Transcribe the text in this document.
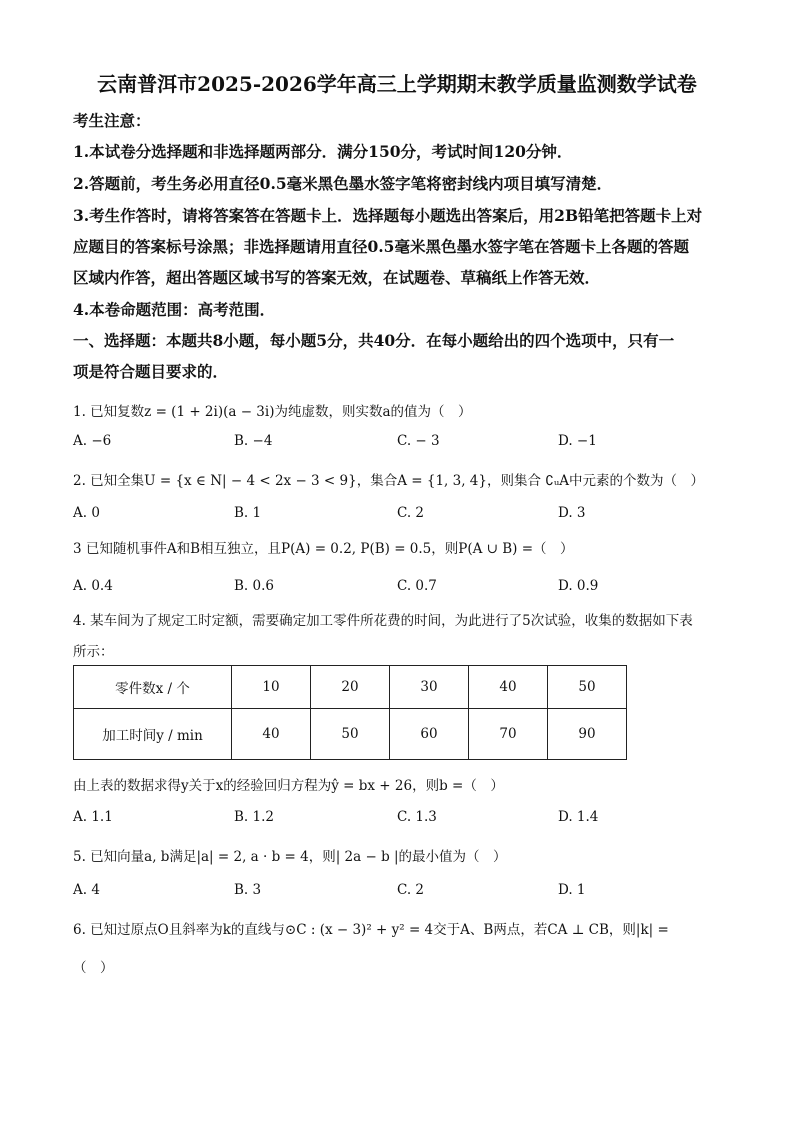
云南普洱市2025-2026学年高三上学期期末教学质量监测数学试卷
考生注意：
1.本试卷分选择题和非选择题两部分．满分150分，考试时间120分钟．
2.答题前，考生务必用直径0.5毫米黑色墨水签字笔将密封线内项目填写清楚．
3.考生作答时，请将答案答在答题卡上．选择题每小题选出答案后，用2B铅笔把答题卡上对
应题目的答案标号涂黑；非选择题请用直径0.5毫米黑色墨水签字笔在答题卡上各题的答题
区域内作答，超出答题区域书写的答案无效，在试题卷、草稿纸上作答无效．
4.本卷命题范围：高考范围．
一、选择题：本题共8小题，每小题5分，共40分．在每小题给出的四个选项中，只有一
项是符合题目要求的．
1. 已知复数z = (1 + 2i)(a − 3i)为纯虚数，则实数a的值为（　）
A. −6	B. −4	C. − 3	D. −1
2. 已知全集U = {x ∈ N| − 4 < 2x − 3 < 9}，集合A = {1, 3, 4}，则集合 ∁ᵤA中元素的个数为（　）
A. 0	B. 1	C. 2	D. 3
3 已知随机事件A和B相互独立，且P(A) = 0.2, P(B) = 0.5，则P(A ∪ B) =（　）
A. 0.4	B. 0.6	C. 0.7	D. 0.9
4. 某车间为了规定工时定额，需要确定加工零件所花费的时间，为此进行了5次试验，收集的数据如下表
所示：
零件数x / 个	10	20	30	40	50
加工时间y / min	40	50	60	70	90
由上表的数据求得y关于x的经验回归方程为ŷ = bx + 26，则b =（　）
A. 1.1	B. 1.2	C. 1.3	D. 1.4
5. 已知向量a, b满足|a| = 2, a · b = 4，则| 2a − b |的最小值为（　）
A. 4	B. 3	C. 2	D. 1
6. 已知过原点O且斜率为k的直线与⊙C : (x − 3)² + y² = 4交于A、B两点，若CA ⊥ CB，则|k| =
（　）
